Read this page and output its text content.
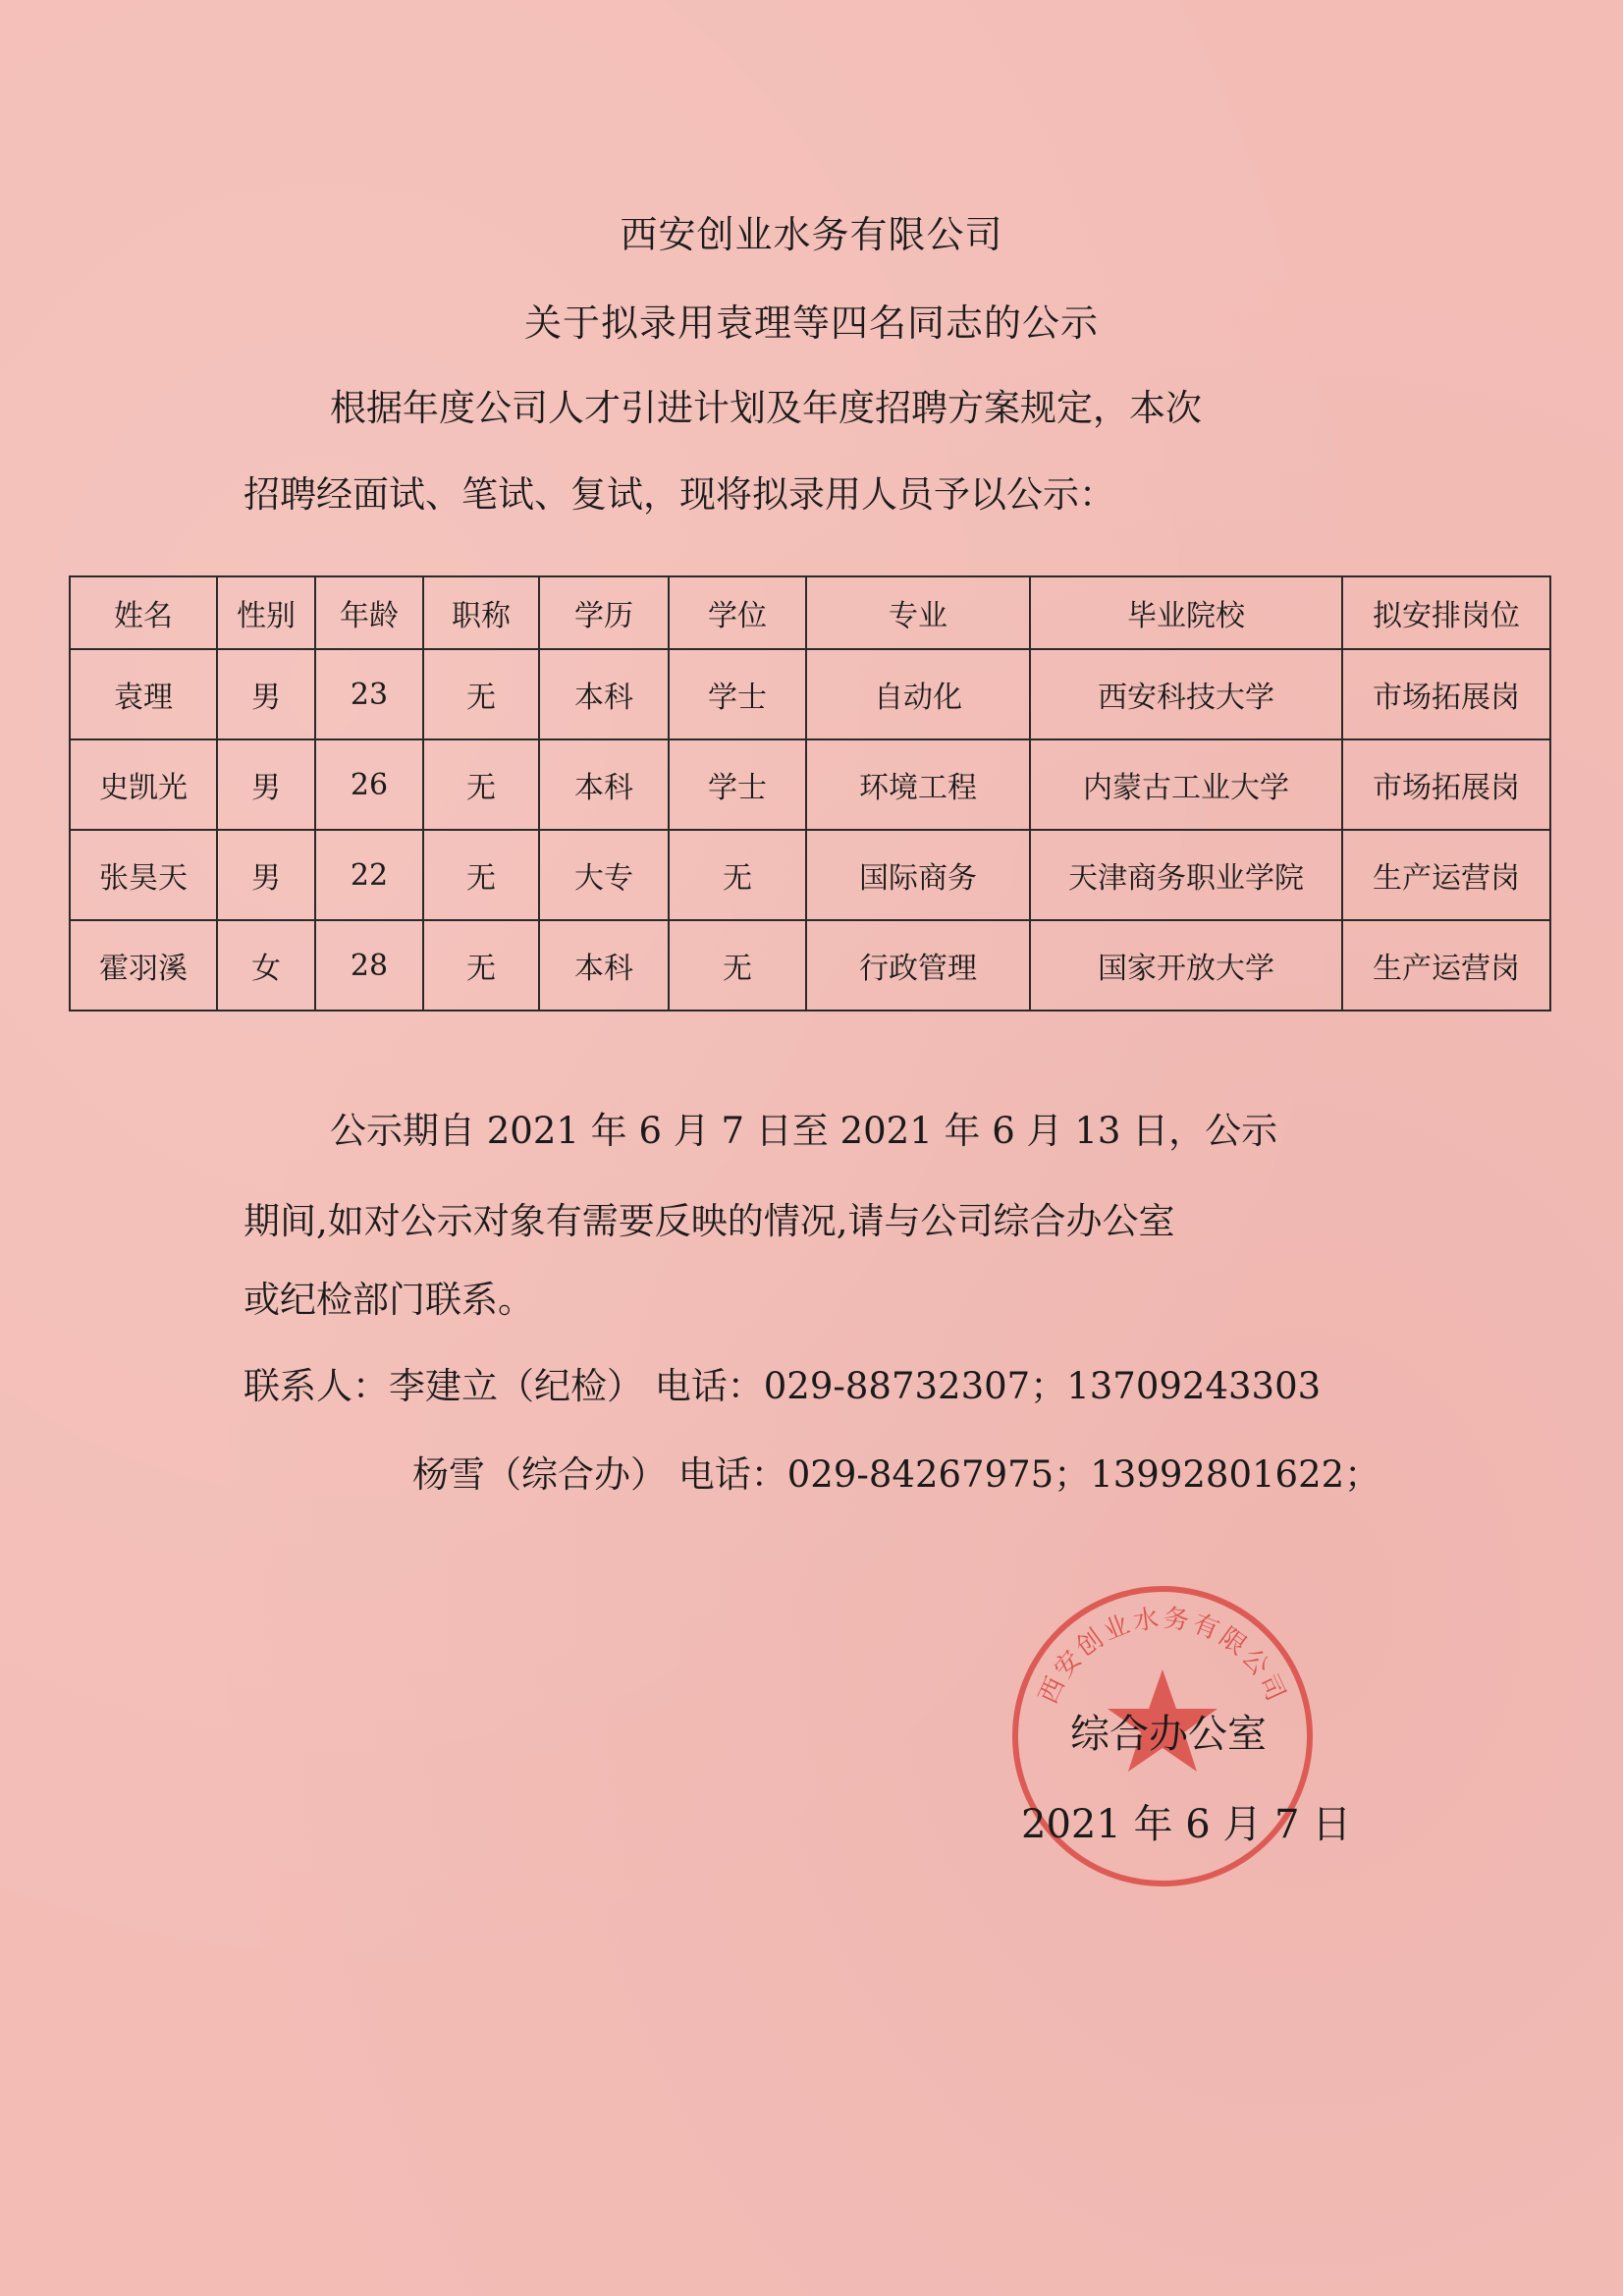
西安创业水务有限公司
关于拟录用袁理等四名同志的公示
根据年度公司人才引进计划及年度招聘方案规定，本次
招聘经面试、笔试、复试，现将拟录用人员予以公示：
姓名	性别	年龄	职称	学历	学位	专业	毕业院校	拟安排岗位
袁理	男	23	无	本科	学士	自动化	西安科技大学	市场拓展岗
史凯光	男	26	无	本科	学士	环境工程	内蒙古工业大学	市场拓展岗
张昊天	男	22	无	大专	无	国际商务	天津商务职业学院	生产运营岗
霍羽溪	女	28	无	本科	无	行政管理	国家开放大学	生产运营岗
公示期自 2021 年 6 月 7 日至 2021 年 6 月 13 日，公示
期间,如对公示对象有需要反映的情况,请与公司综合办公室
或纪检部门联系。
联系人：李建立（纪检） 电话：029-88732307；13709243303
杨雪（综合办） 电话：029-84267975；13992801622；
西安创业水务有限公司
综合办公室
2021 年 6 月 7 日
